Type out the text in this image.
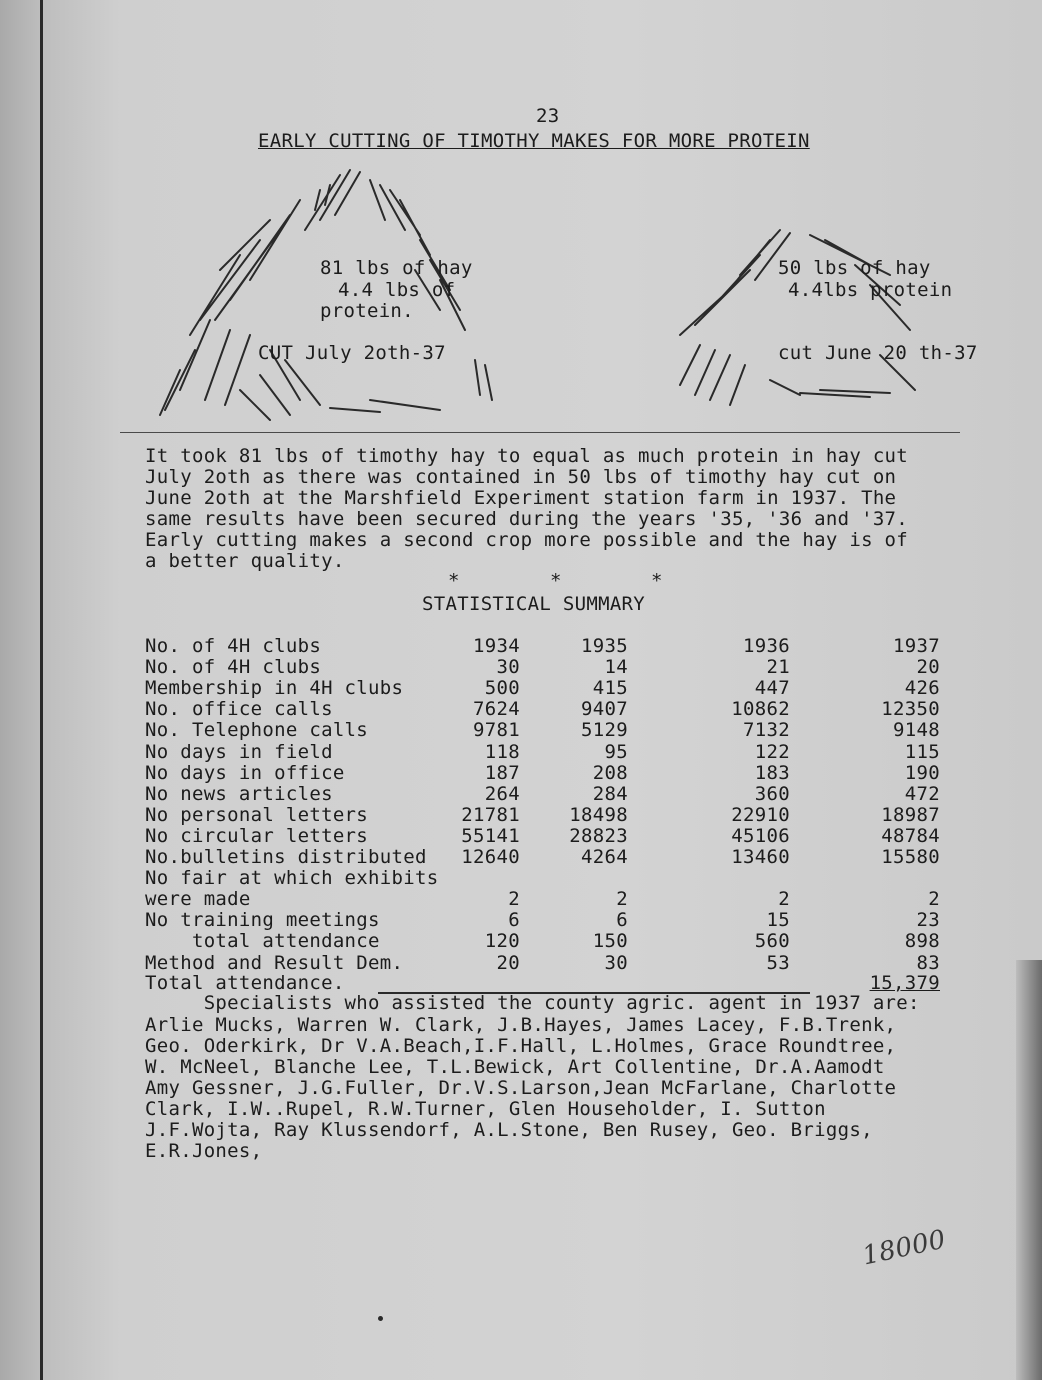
23
EARLY CUTTING OF TIMOTHY MAKES FOR MORE PROTEIN
81 lbs of hay
4.4 lbs of
protein.
CUT July 2oth-37
50 lbs of hay
4.4lbs protein
cut June 20 th-37
It took 81 lbs of timothy hay to equal as much protein in hay cut
July 2oth as there was contained in 50 lbs of timothy hay cut on
June 2oth at the Marshfield Experiment station farm in 1937. The
same results have been secured during the years '35, '36 and '37.
Early cutting makes a second crop more possible and the hay is of
a better quality.
*	*	*
STATISTICAL SUMMARY
No. of 4H clubs	1934	1935	1936	1937
No. of 4H clubs	30	14	21	20
Membership in 4H clubs	500	415	447	426
No. office calls	7624	9407	10862	12350
No. Telephone calls	9781	5129	7132	9148
No days in field	118	95	122	115
No days in office	187	208	183	190
No news articles	264	284	360	472
No personal letters	21781	18498	22910	18987
No circular letters	55141	28823	45106	48784
No.bulletins distributed	12640	4264	13460	15580
No fair at which exhibits
were made	2	2	2	2
No training meetings	6	6	15	23
total attendance	120	150	560	898
Method and Result Dem.	20	30	53	83
Total attendance.	15,379
Specialists who assisted the county agric. agent in 1937 are:
Arlie Mucks, Warren W. Clark, J.B.Hayes, James Lacey, F.B.Trenk,
Geo. Oderkirk, Dr V.A.Beach,I.F.Hall, L.Holmes, Grace Roundtree,
W. McNeel, Blanche Lee, T.L.Bewick, Art Collentine, Dr.A.Aamodt
Amy Gessner, J.G.Fuller, Dr.V.S.Larson,Jean McFarlane, Charlotte
Clark, I.W..Rupel, R.W.Turner, Glen Householder, I. Sutton
J.F.Wojta, Ray Klussendorf, A.L.Stone, Ben Rusey, Geo. Briggs,
E.R.Jones,
18000
